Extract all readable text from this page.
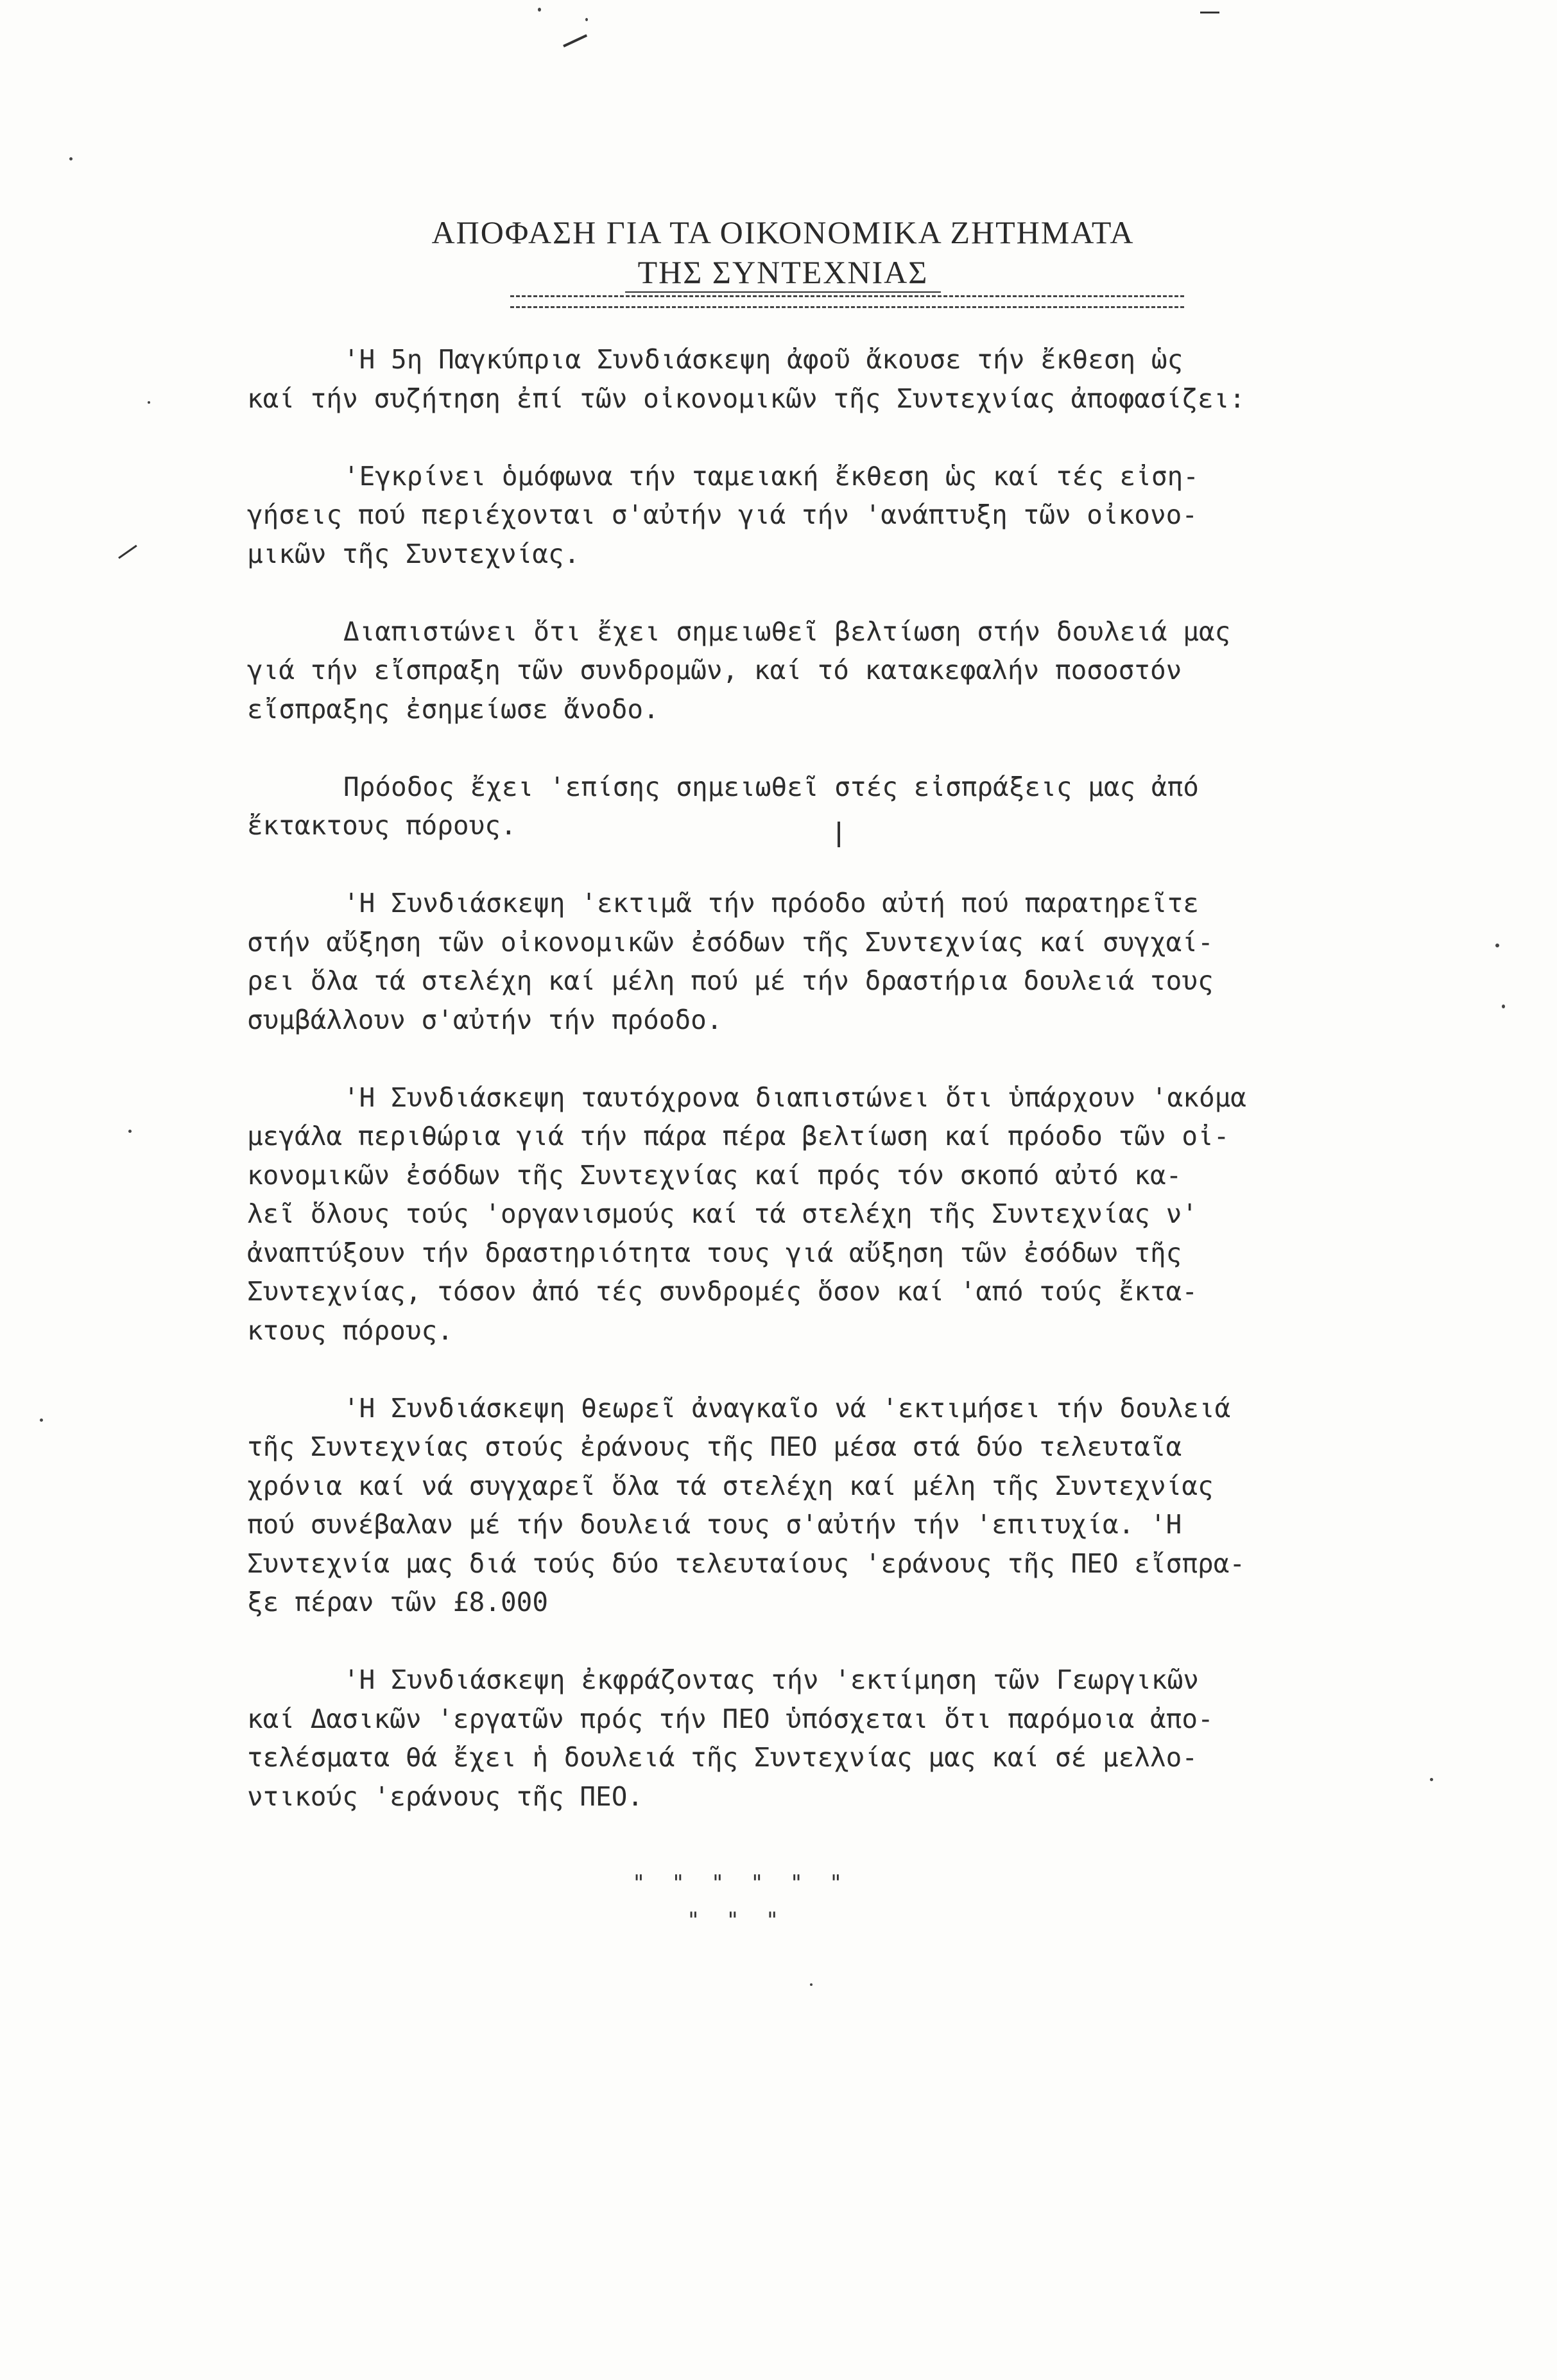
ΑΠΟΦΑΣΗ ΓΙΑ ΤΑ ΟΙΚΟΝΟΜΙΚΑ ΖΗΤΗΜΑΤΑ
ΤΗΣ ΣΥΝΤΕΧΝΙΑΣ
'Η 5η Παγκύπρια Συνδιάσκεψη ἀφοῦ ἄκουσε τήν ἔκθεση ὡς
καί τήν συζήτηση ἐπί τῶν οἰκονομικῶν τῆς Συντεχνίας ἀποφασίζει:
'Εγκρίνει ὁμόφωνα τήν ταμειακή ἔκθεση ὡς καί τές εἰση-
γήσεις πού περιέχονται σ'αὐτήν γιά τήν 'ανάπτυξη τῶν οἰκονο-
μικῶν τῆς Συντεχνίας.
Διαπιστώνει ὅτι ἔχει σημειωθεῖ βελτίωση στήν δουλειά μας
γιά τήν εἴσπραξη τῶν συνδρομῶν, καί τό κατακεφαλήν ποσοστόν
εἴσπραξης ἐσημείωσε ἄνοδο.
Πρόοδος ἔχει 'επίσης σημειωθεῖ στές εἰσπράξεις μας ἀπό
ἔκτακτους πόρους.
'Η Συνδιάσκεψη 'εκτιμᾶ τήν πρόοδο αὐτή πού παρατηρεῖτε
στήν αὔξηση τῶν οἰκονομικῶν ἐσόδων τῆς Συντεχνίας καί συγχαί-
ρει ὅλα τά στελέχη καί μέλη πού μέ τήν δραστήρια δουλειά τους
συμβάλλουν σ'αὐτήν τήν πρόοδο.
'Η Συνδιάσκεψη ταυτόχρονα διαπιστώνει ὅτι ὑπάρχουν 'ακόμα
μεγάλα περιθώρια γιά τήν πάρα πέρα βελτίωση καί πρόοδο τῶν οἰ-
κονομικῶν ἐσόδων τῆς Συντεχνίας καί πρός τόν σκοπό αὐτό κα-
λεῖ ὅλους τούς 'οργανισμούς καί τά στελέχη τῆς Συντεχνίας ν'
ἀναπτύξουν τήν δραστηριότητα τους γιά αὔξηση τῶν ἐσόδων τῆς
Συντεχνίας, τόσον ἀπό τές συνδρομές ὅσον καί 'από τούς ἔκτα-
κτους πόρους.
'Η Συνδιάσκεψη θεωρεῖ ἀναγκαῖο νά 'εκτιμήσει τήν δουλειά
τῆς Συντεχνίας στούς ἐράνους τῆς ΠΕΟ μέσα στά δύο τελευταῖα
χρόνια καί νά συγχαρεῖ ὅλα τά στελέχη καί μέλη τῆς Συντεχνίας
πού συνέβαλαν μέ τήν δουλειά τους σ'αὐτήν τήν 'επιτυχία. 'Η
Συντεχνία μας διά τούς δύο τελευταίους 'εράνους τῆς ΠΕΟ εἴσπρα-
ξε πέραν τῶν £8.000
'Η Συνδιάσκεψη ἐκφράζοντας τήν 'εκτίμηση τῶν Γεωργικῶν
καί Δασικῶν 'εργατῶν πρός τήν ΠΕΟ ὑπόσχεται ὅτι παρόμοια ἀπο-
τελέσματα θά ἔχει ἡ δουλειά τῆς Συντεχνίας μας καί σέ μελλο-
ντικούς 'εράνους τῆς ΠΕΟ.
"  "  "  "  "  "
"  "  "
